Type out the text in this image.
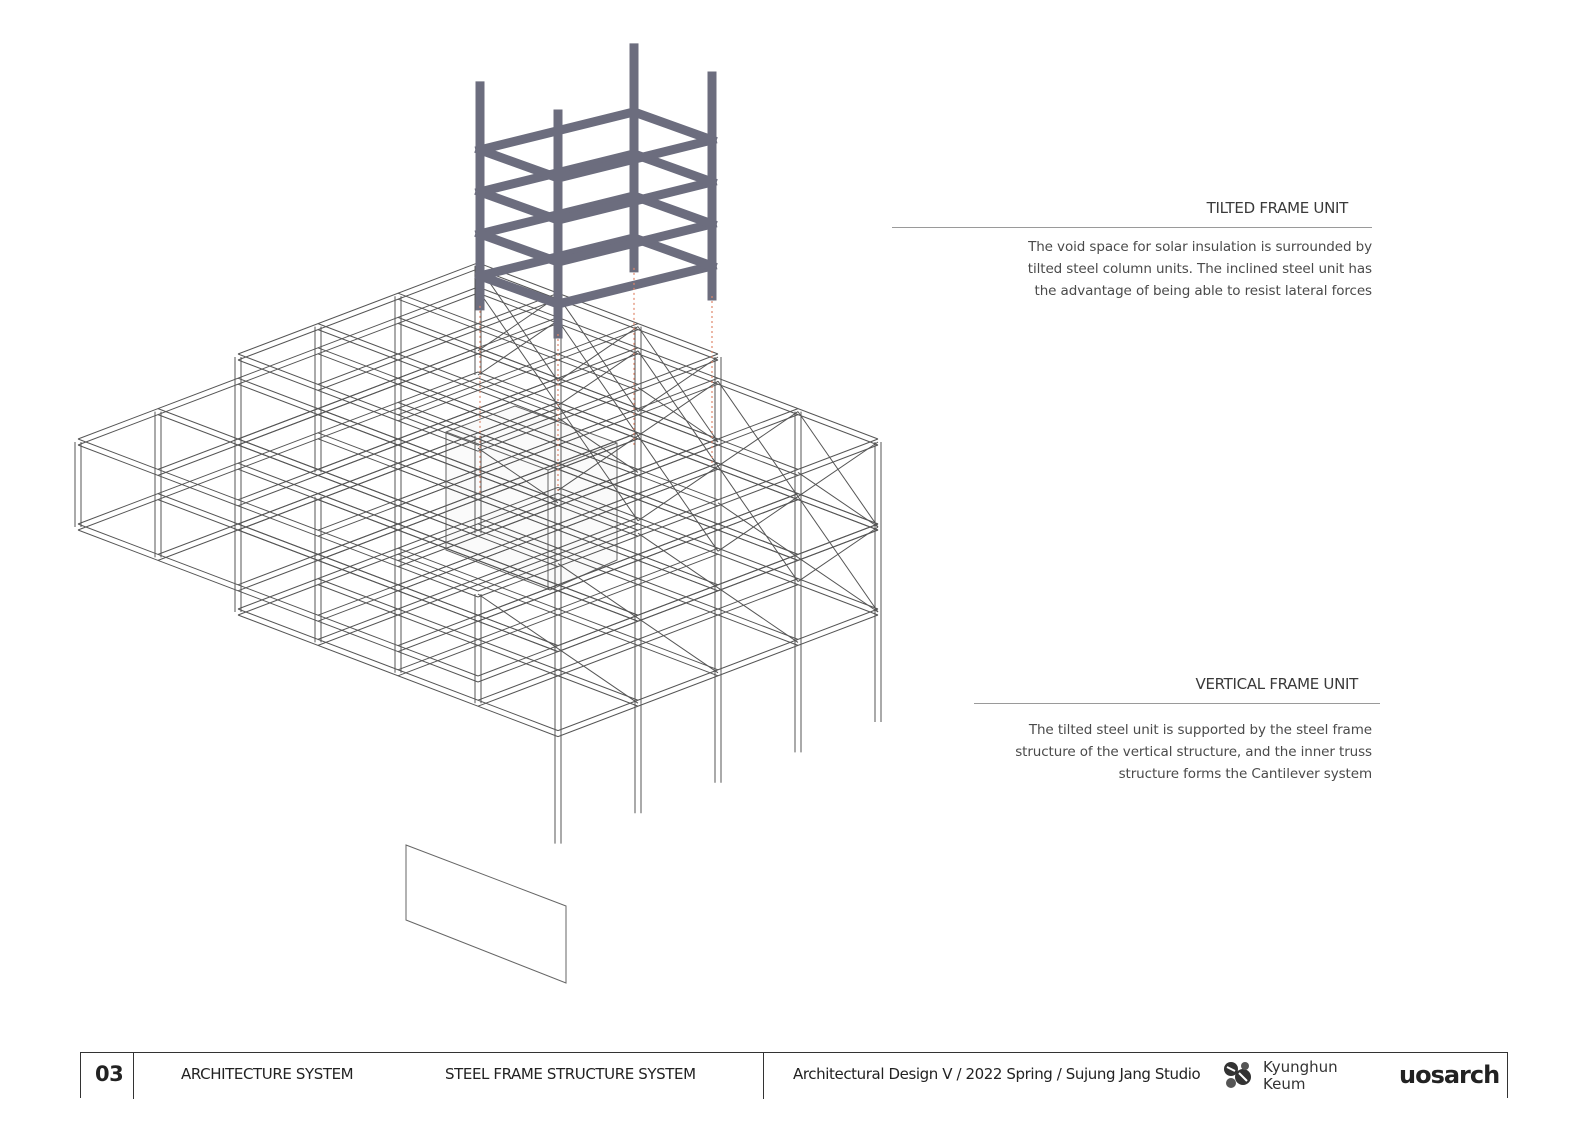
TILTED FRAME UNIT
The void space for solar insulation is surrounded by
tilted steel column units. The inclined steel unit has
the advantage of being able to resist lateral forces
VERTICAL FRAME UNIT
The tilted steel unit is supported by the steel frame
structure of the vertical structure, and the inner truss
structure forms the Cantilever system
03	ARCHITECTURE SYSTEM	STEEL FRAME STRUCTURE SYSTEM	Architectural Design V / 2022 Spring / Sujung Jang Studio	Kyunghun
Keum	uosarch
